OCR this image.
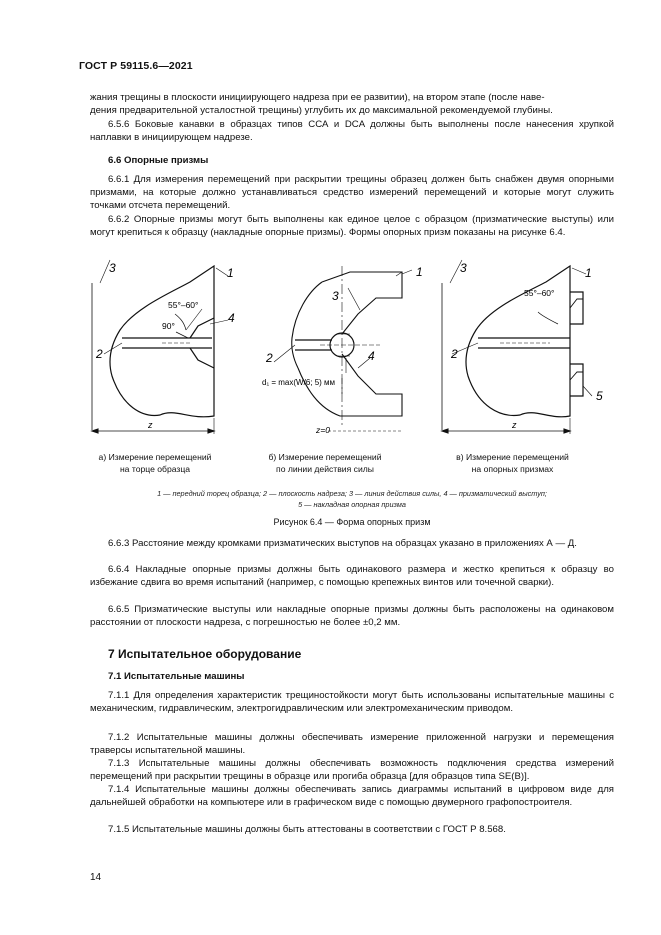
ГОСТ Р 59115.6—2021

жания трещины в плоскости инициирующего надреза при ее развитии), на втором этапе (после наве-

дения предварительной усталостной трещины) углубить их до максимальной рекомендуемой глубины.

6.5.6 Боковые канавки в образцах типов ССА и DCA должны быть выполнены после нанесения хрупкой наплавки в инициирующем надрезе.

6.6 Опорные призмы

6.6.1 Для измерения перемещений при раскрытии трещины образец должен быть снабжен двумя опорными призмами, на которые должно устанавливаться средство измерений перемещений и которые могут служить точками отсчета перемещений.

6.6.2 Опорные призмы могут быть выполнены как единое целое с образцом (призматические выступы) или могут крепиться к образцу (накладные опорные призмы). Формы опорных призм показаны на рисунке 6.4.

3	1
55°–60°
90°
4
2
z
1
3
2	4
d₁ = max(W/6; 5) мм
z=0
3	1
55°–60°
2
5
z
а) Измерение перемещений
на торце образца
б) Измерение перемещений
по линии действия силы
в) Измерение перемещений
на опорных призмах
1 — передний торец образца; 2 — плоскость надреза; 3 — линия действия силы, 4 — призматический выступ;
5 — накладная опорная призма
Рисунок 6.4 — Форма опорных призм

6.6.3 Расстояние между кромками призматических выступов на образцах указано в приложениях А — Д.

6.6.4 Накладные опорные призмы должны быть одинакового размера и жестко крепиться к образцу во избежание сдвига во время испытаний (например, с помощью крепежных винтов или точечной сварки).

6.6.5 Призматические выступы или накладные опорные призмы должны быть расположены на одинаковом расстоянии от плоскости надреза, с погрешностью не более ±0,2 мм.

7 Испытательное оборудование
7.1 Испытательные машины

7.1.1 Для определения характеристик трещиностойкости могут быть использованы испытательные машины с механическим, гидравлическим, электрогидравлическим или электромеханическим приводом.

7.1.2 Испытательные машины должны обеспечивать измерение приложенной нагрузки и перемещения траверсы испытательной машины.

7.1.3 Испытательные машины должны обеспечивать возможность подключения средства измерений перемещений при раскрытии трещины в образце или прогиба образца [для образцов типа SE(B)].

7.1.4 Испытательные машины должны обеспечивать запись диаграммы испытаний в цифровом виде для дальнейшей обработки на компьютере или в графическом виде с помощью двумерного графопостроителя.

7.1.5 Испытательные машины должны быть аттестованы в соответствии с ГОСТ Р 8.568.

14
